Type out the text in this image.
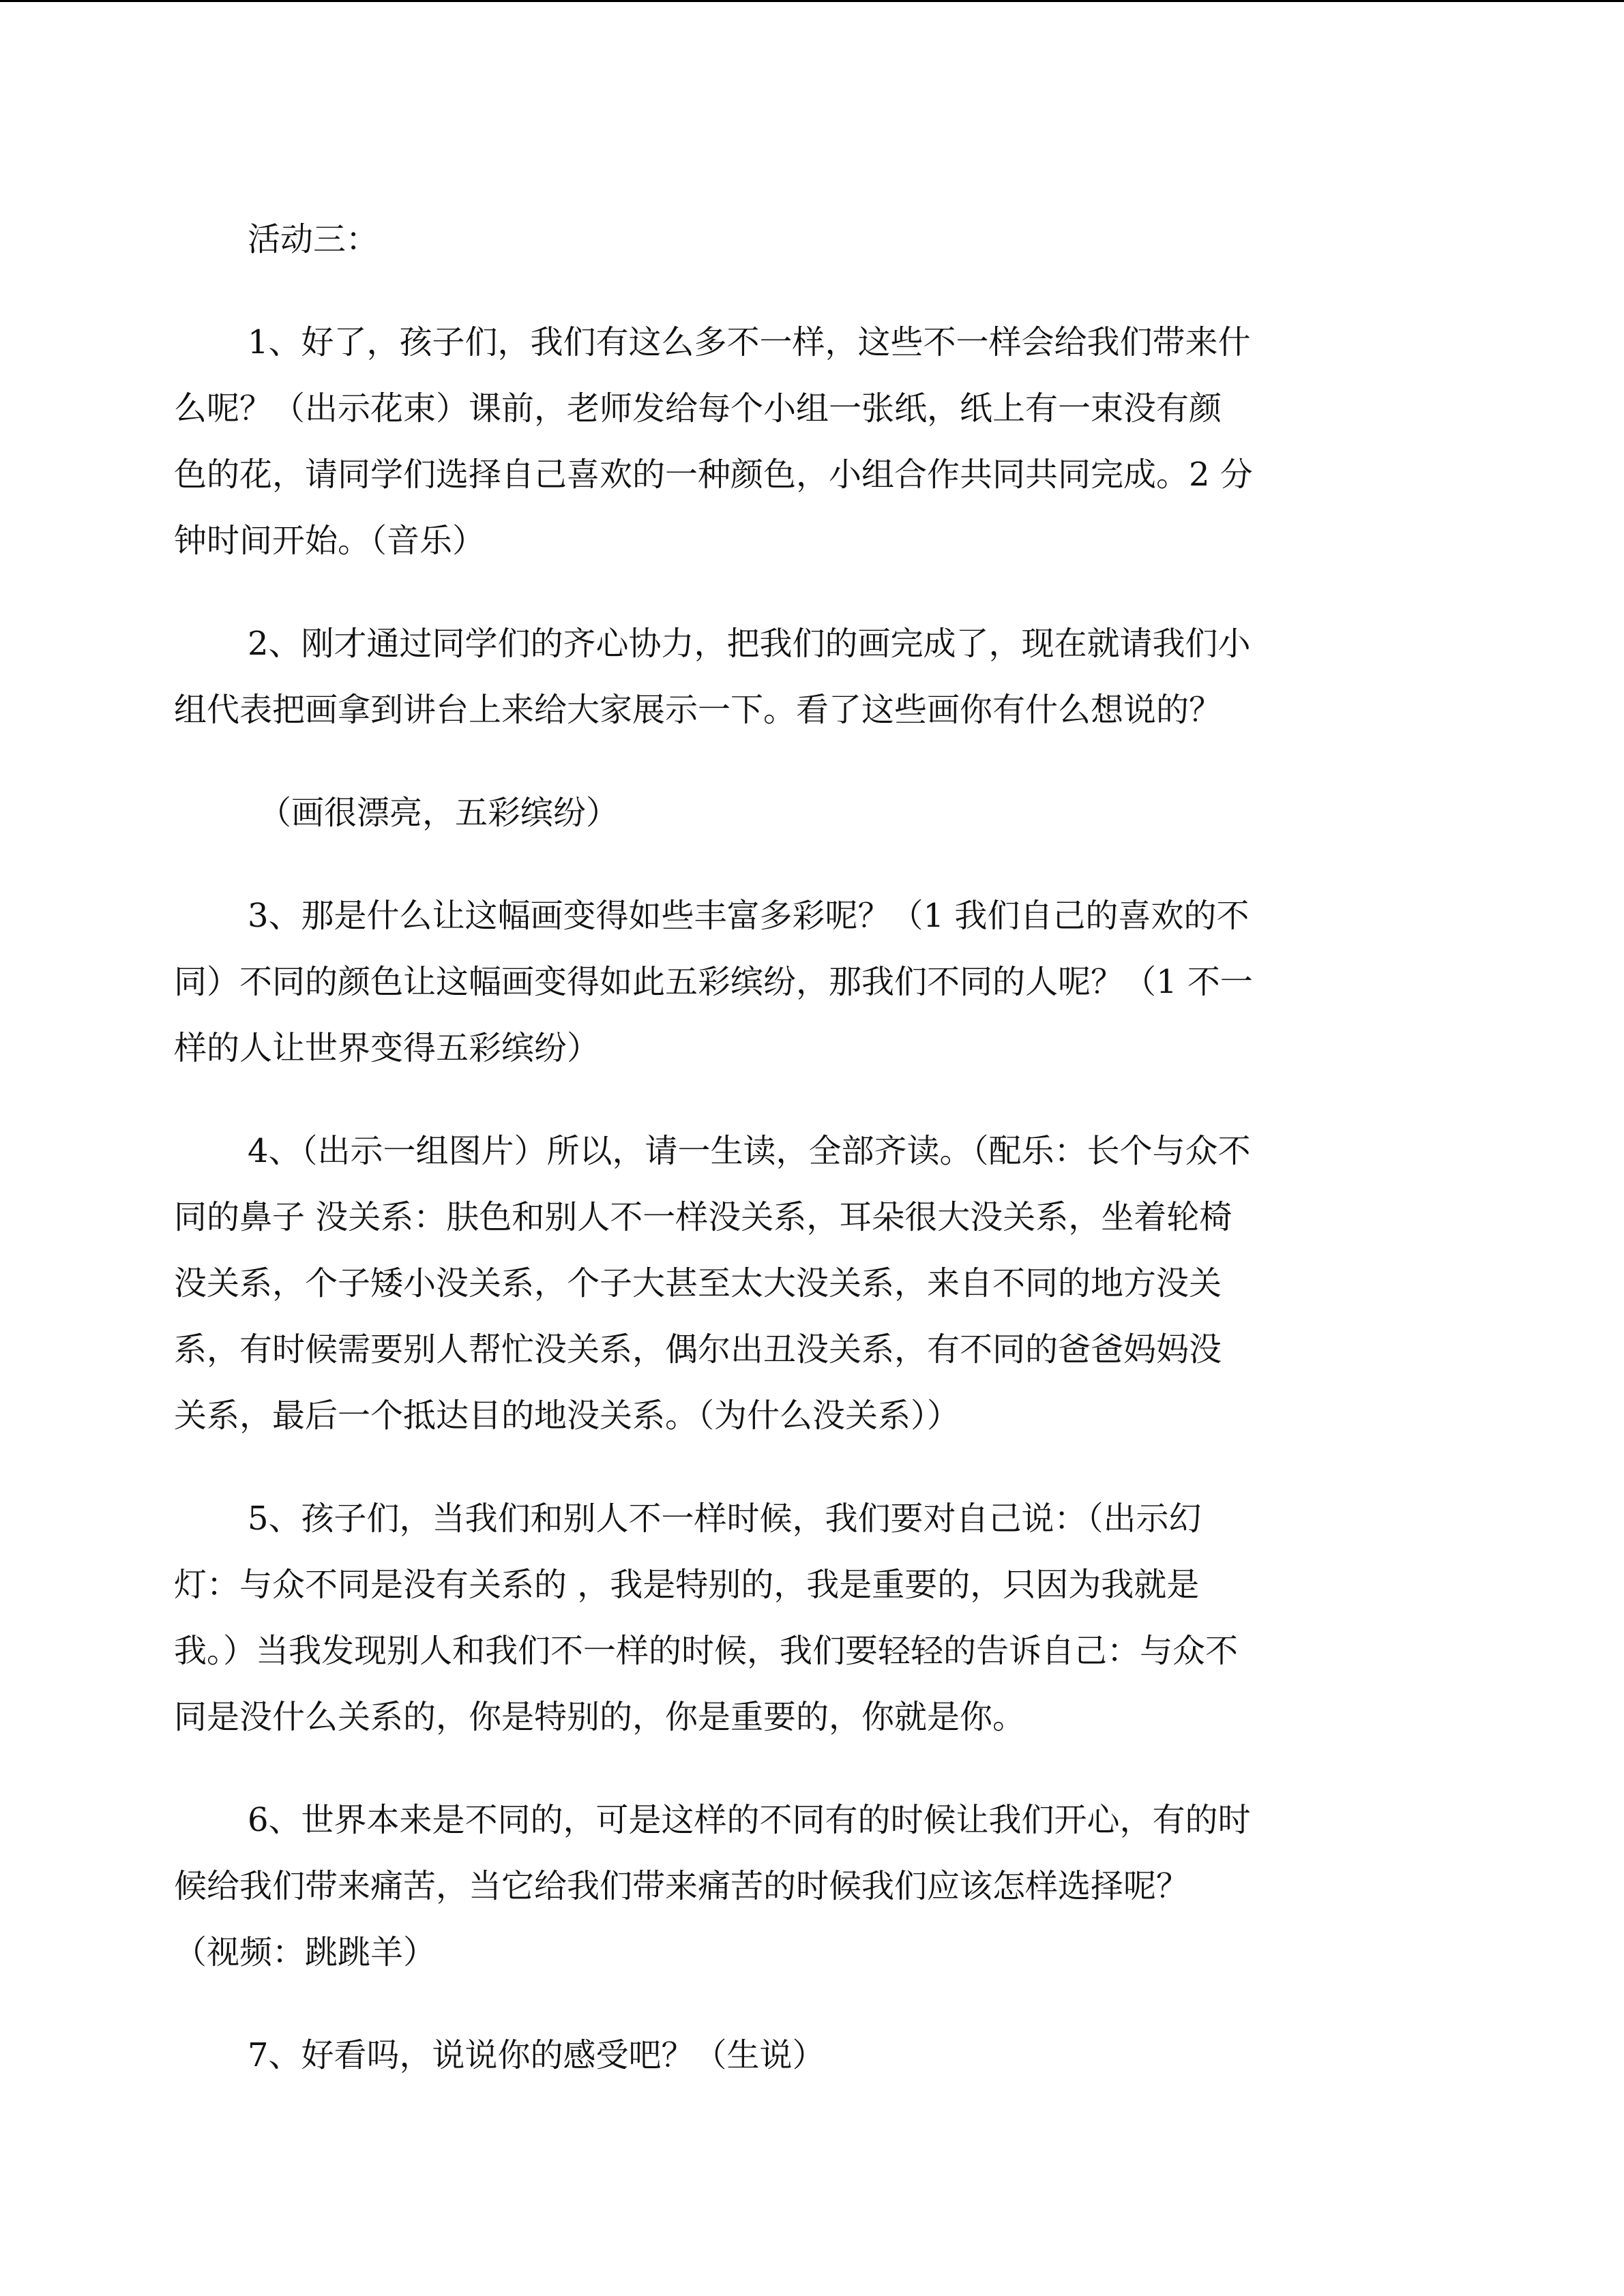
活动三：

1、好了，孩子们，我们有这么多不一样，这些不一样会给我们带来什
么呢？（出示花束）课前，老师发给每个小组一张纸，纸上有一束没有颜
色的花，请同学们选择自己喜欢的一种颜色，小组合作共同共同完成。2 分
钟时间开始。（音乐）

2、刚才通过同学们的齐心协力，把我们的画完成了，现在就请我们小
组代表把画拿到讲台上来给大家展示一下。看了这些画你有什么想说的？

（画很漂亮，五彩缤纷）

3、那是什么让这幅画变得如些丰富多彩呢？（1 我们自己的喜欢的不
同）不同的颜色让这幅画变得如此五彩缤纷，那我们不同的人呢？（1 不一
样的人让世界变得五彩缤纷）

4、（出示一组图片）所以，请一生读，全部齐读。（配乐：长个与众不
同的鼻子 没关系：肤色和别人不一样没关系，耳朵很大没关系，坐着轮椅
没关系，个子矮小没关系，个子大甚至太大没关系，来自不同的地方没关
系，有时候需要别人帮忙没关系，偶尔出丑没关系，有不同的爸爸妈妈没
关系，最后一个抵达目的地没关系。（为什么没关系））

5、孩子们，当我们和别人不一样时候，我们要对自己说：（出示幻
灯：与众不同是没有关系的 ，我是特别的，我是重要的，只因为我就是
我。）当我发现别人和我们不一样的时候，我们要轻轻的告诉自己：与众不
同是没什么关系的，你是特别的，你是重要的，你就是你。

6、世界本来是不同的，可是这样的不同有的时候让我们开心，有的时
候给我们带来痛苦，当它给我们带来痛苦的时候我们应该怎样选择呢？
（视频：跳跳羊）

7、好看吗，说说你的感受吧？（生说）
